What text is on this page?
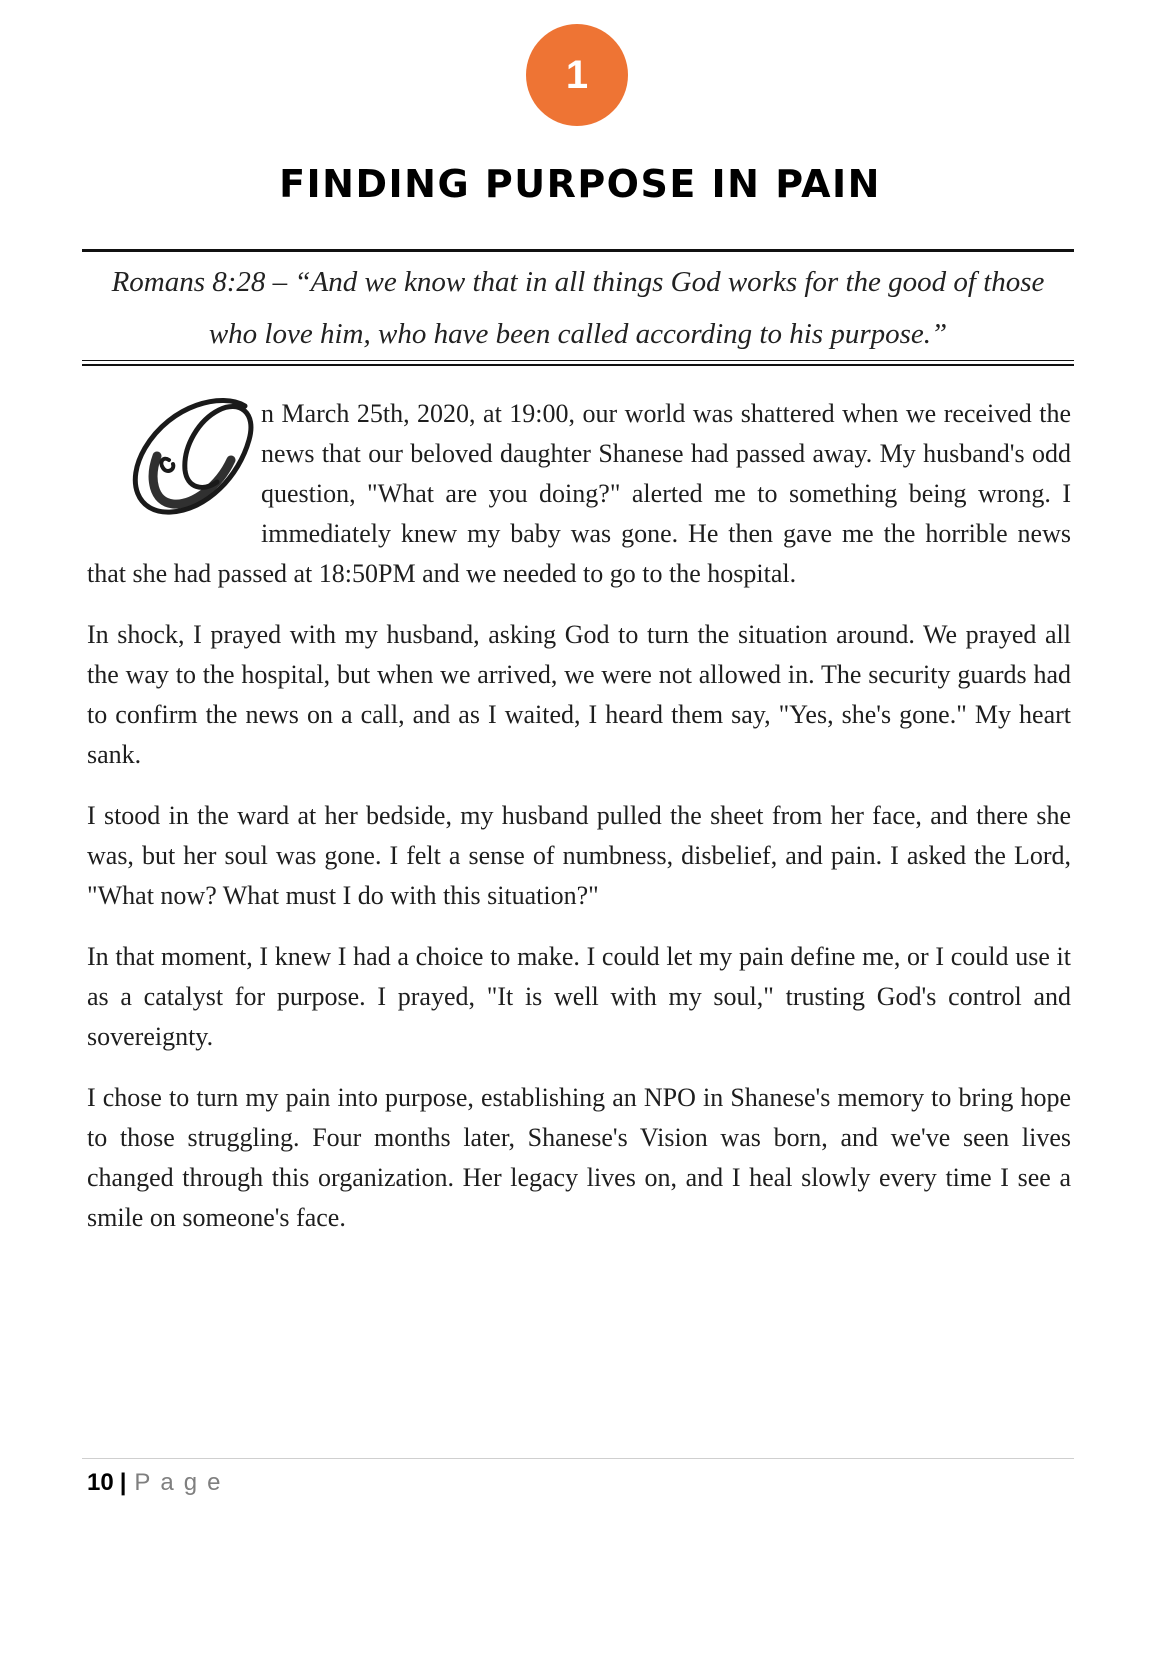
1
FINDING PURPOSE IN PAIN

Romans 8:28 – “And we know that in all things God works for the good of those who love him, who have been called according to his purpose.”

n March 25th, 2020, at 19:00, our world was shattered when we received the news that our beloved daughter Shanese had passed away. My husband's odd question, "What are you doing?" alerted me to something being wrong. I immediately knew my baby was gone. He then gave me the horrible news that she had passed at 18:50PM and we needed to go to the hospital.

In shock, I prayed with my husband, asking God to turn the situation around. We prayed all the way to the hospital, but when we arrived, we were not allowed in. The security guards had to confirm the news on a call, and as I waited, I heard them say, "Yes, she's gone." My heart sank.

I stood in the ward at her bedside, my husband pulled the sheet from her face, and there she was, but her soul was gone. I felt a sense of numbness, disbelief, and pain. I asked the Lord, "What now? What must I do with this situation?"

In that moment, I knew I had a choice to make. I could let my pain define me, or I could use it as a catalyst for purpose. I prayed, "It is well with my soul," trusting God's control and sovereignty.

I chose to turn my pain into purpose, establishing an NPO in Shanese's memory to bring hope to those struggling. Four months later, Shanese's Vision was born, and we've seen lives changed through this organization. Her legacy lives on, and I heal slowly every time I see a smile on someone's face.

10 | Page
